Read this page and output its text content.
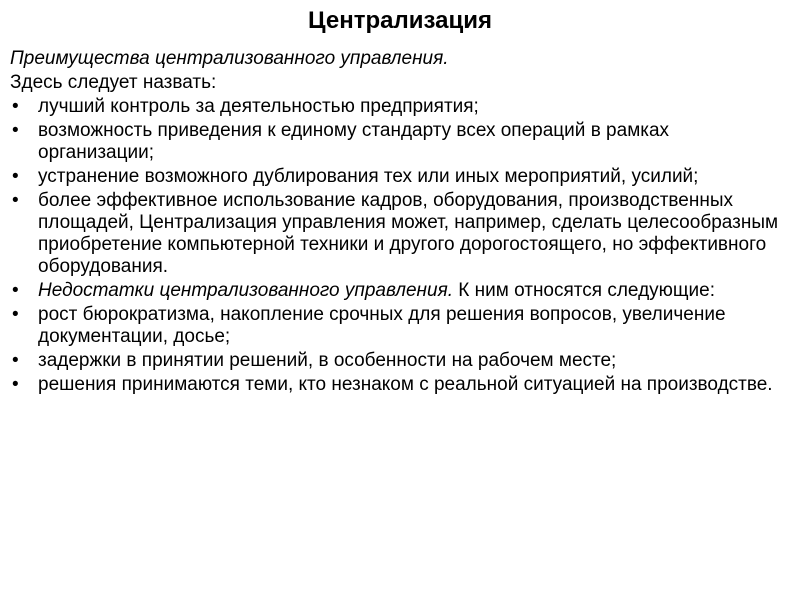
Централизация
Преимущества централизованного управления.
Здесь следует назвать:
• лучший контроль за деятельностью предприятия;
• возможность приведения к единому стандарту всех операций в рамках организации;
• устранение возможного дублирования тех или иных мероприятий, усилий;
• более эффективное использование кадров, оборудования, производственных площадей, Централизация управления может, например, сделать целесообразным приобретение компьютерной техники и другого дорогостоящего, но эффективного оборудования.
• Недостатки централизованного управления. К ним относятся следующие:
• рост бюрократизма, накопление срочных для решения вопросов, увеличение документации, досье;
• задержки в принятии решений, в особенности на рабочем месте;
• решения принимаются теми, кто незнаком с реальной ситуацией на производстве.
